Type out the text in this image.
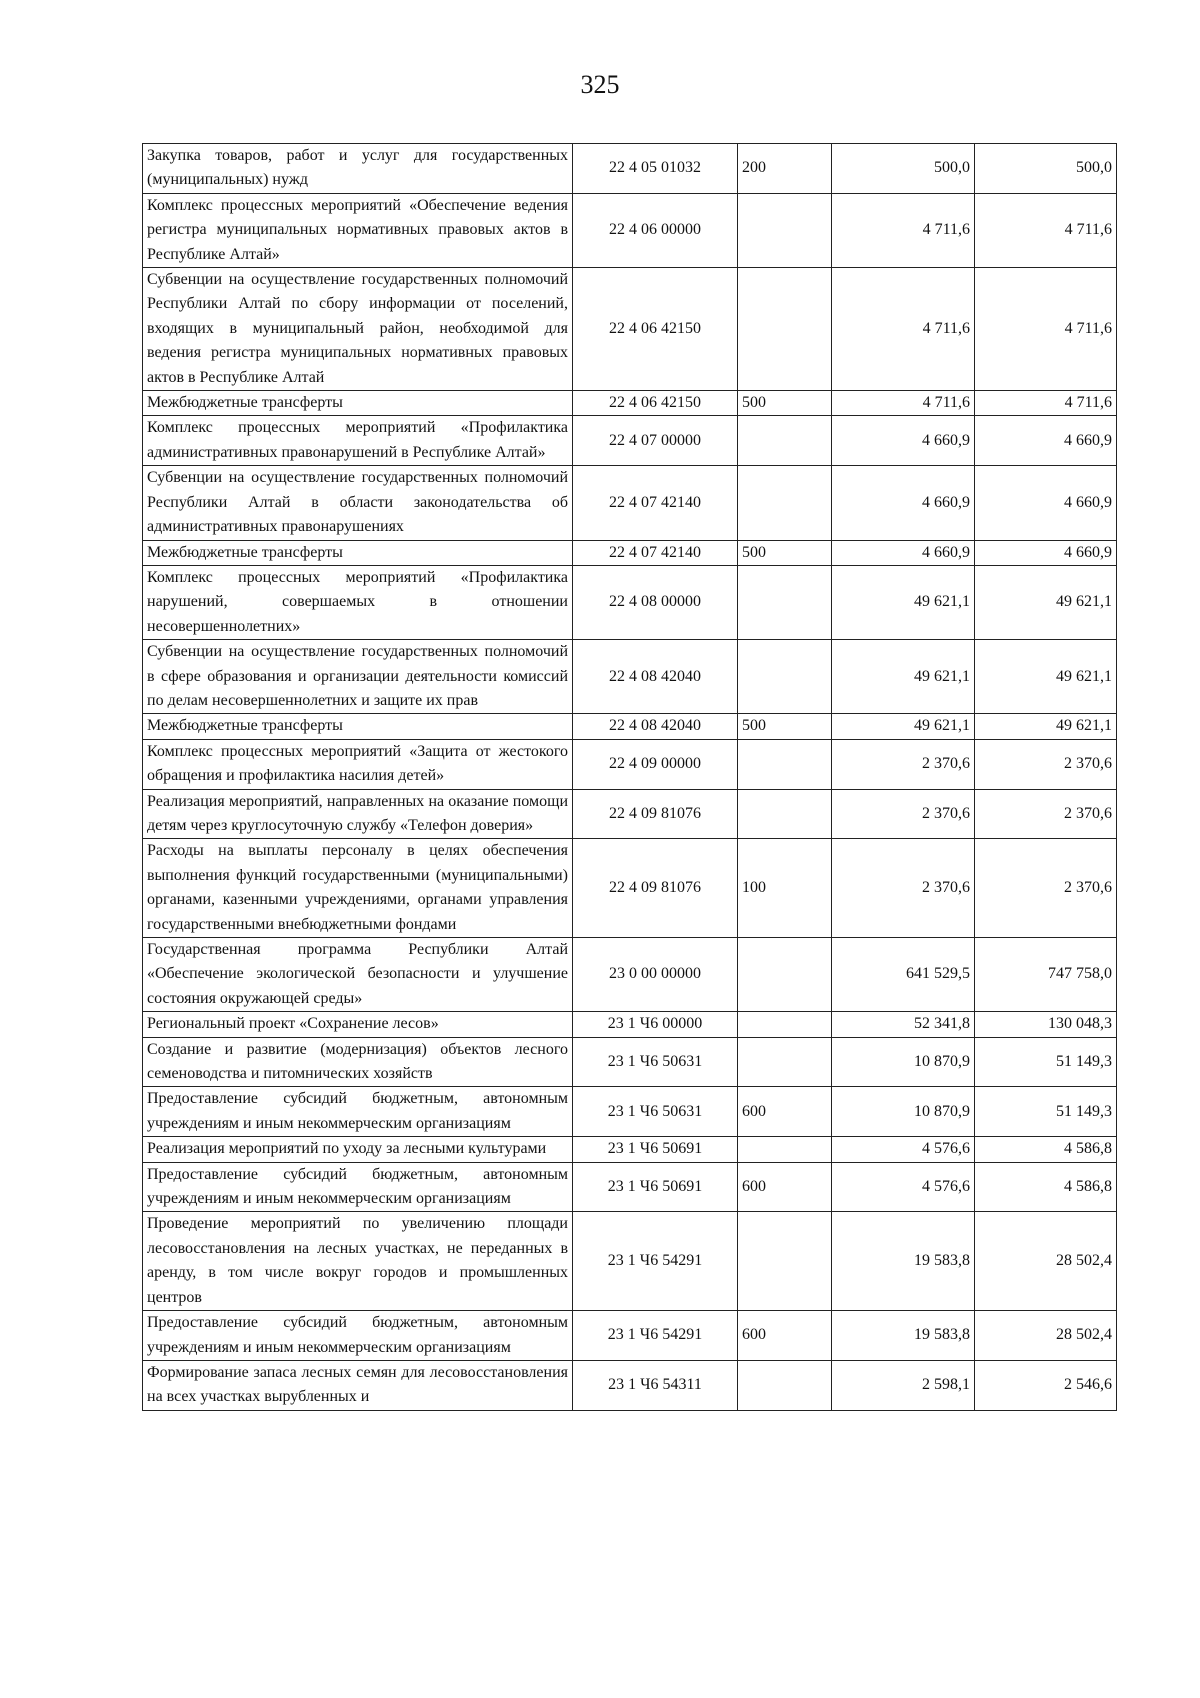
325
Закупка товаров, работ и услуг для государственных (муниципальных) нужд	22 4 05 01032	200	500,0	500,0
Комплекс процессных мероприятий «Обеспечение ведения регистра муниципальных нормативных правовых актов в Республике Алтай»	22 4 06 00000		4 711,6	4 711,6
Субвенции на осуществление государственных полномочий Республики Алтай по сбору информации от поселений, входящих в муниципальный район, необходимой для ведения регистра муниципальных нормативных правовых актов в Республике Алтай	22 4 06 42150		4 711,6	4 711,6
Межбюджетные трансферты	22 4 06 42150	500	4 711,6	4 711,6
Комплекс процессных мероприятий «Профилактика административных правонарушений в Республике Алтай»	22 4 07 00000		4 660,9	4 660,9
Субвенции на осуществление государственных полномочий Республики Алтай в области законодательства об административных правонарушениях	22 4 07 42140		4 660,9	4 660,9
Межбюджетные трансферты	22 4 07 42140	500	4 660,9	4 660,9
Комплекс процессных мероприятий «Профилактика нарушений, совершаемых в отношении несовершеннолетних»	22 4 08 00000		49 621,1	49 621,1
Субвенции на осуществление государственных полномочий в сфере образования и организации деятельности комиссий по делам несовершеннолетних и защите их прав	22 4 08 42040		49 621,1	49 621,1
Межбюджетные трансферты	22 4 08 42040	500	49 621,1	49 621,1
Комплекс процессных мероприятий «Защита от жестокого обращения и профилактика насилия детей»	22 4 09 00000		2 370,6	2 370,6
Реализация мероприятий, направленных на оказание помощи детям через круглосуточную службу «Телефон доверия»	22 4 09 81076		2 370,6	2 370,6
Расходы на выплаты персоналу в целях обеспечения выполнения функций государственными (муниципальными) органами, казенными учреждениями, органами управления государственными внебюджетными фондами	22 4 09 81076	100	2 370,6	2 370,6
Государственная программа Республики Алтай «Обеспечение экологической безопасности и улучшение состояния окружающей среды»	23 0 00 00000		641 529,5	747 758,0
Региональный проект «Сохранение лесов»	23 1 Ч6 00000		52 341,8	130 048,3
Создание и развитие (модернизация) объектов лесного семеноводства и питомнических хозяйств	23 1 Ч6 50631		10 870,9	51 149,3
Предоставление субсидий бюджетным, автономным учреждениям и иным некоммерческим организациям	23 1 Ч6 50631	600	10 870,9	51 149,3
Реализация мероприятий по уходу за лесными культурами	23 1 Ч6 50691		4 576,6	4 586,8
Предоставление субсидий бюджетным, автономным учреждениям и иным некоммерческим организациям	23 1 Ч6 50691	600	4 576,6	4 586,8
Проведение мероприятий по увеличению площади лесовосстановления на лесных участках, не переданных в аренду, в том числе вокруг городов и промышленных центров	23 1 Ч6 54291		19 583,8	28 502,4
Предоставление субсидий бюджетным, автономным учреждениям и иным некоммерческим организациям	23 1 Ч6 54291	600	19 583,8	28 502,4
Формирование запаса лесных семян для лесовосстановления на всех участках вырубленных и	23 1 Ч6 54311		2 598,1	2 546,6
